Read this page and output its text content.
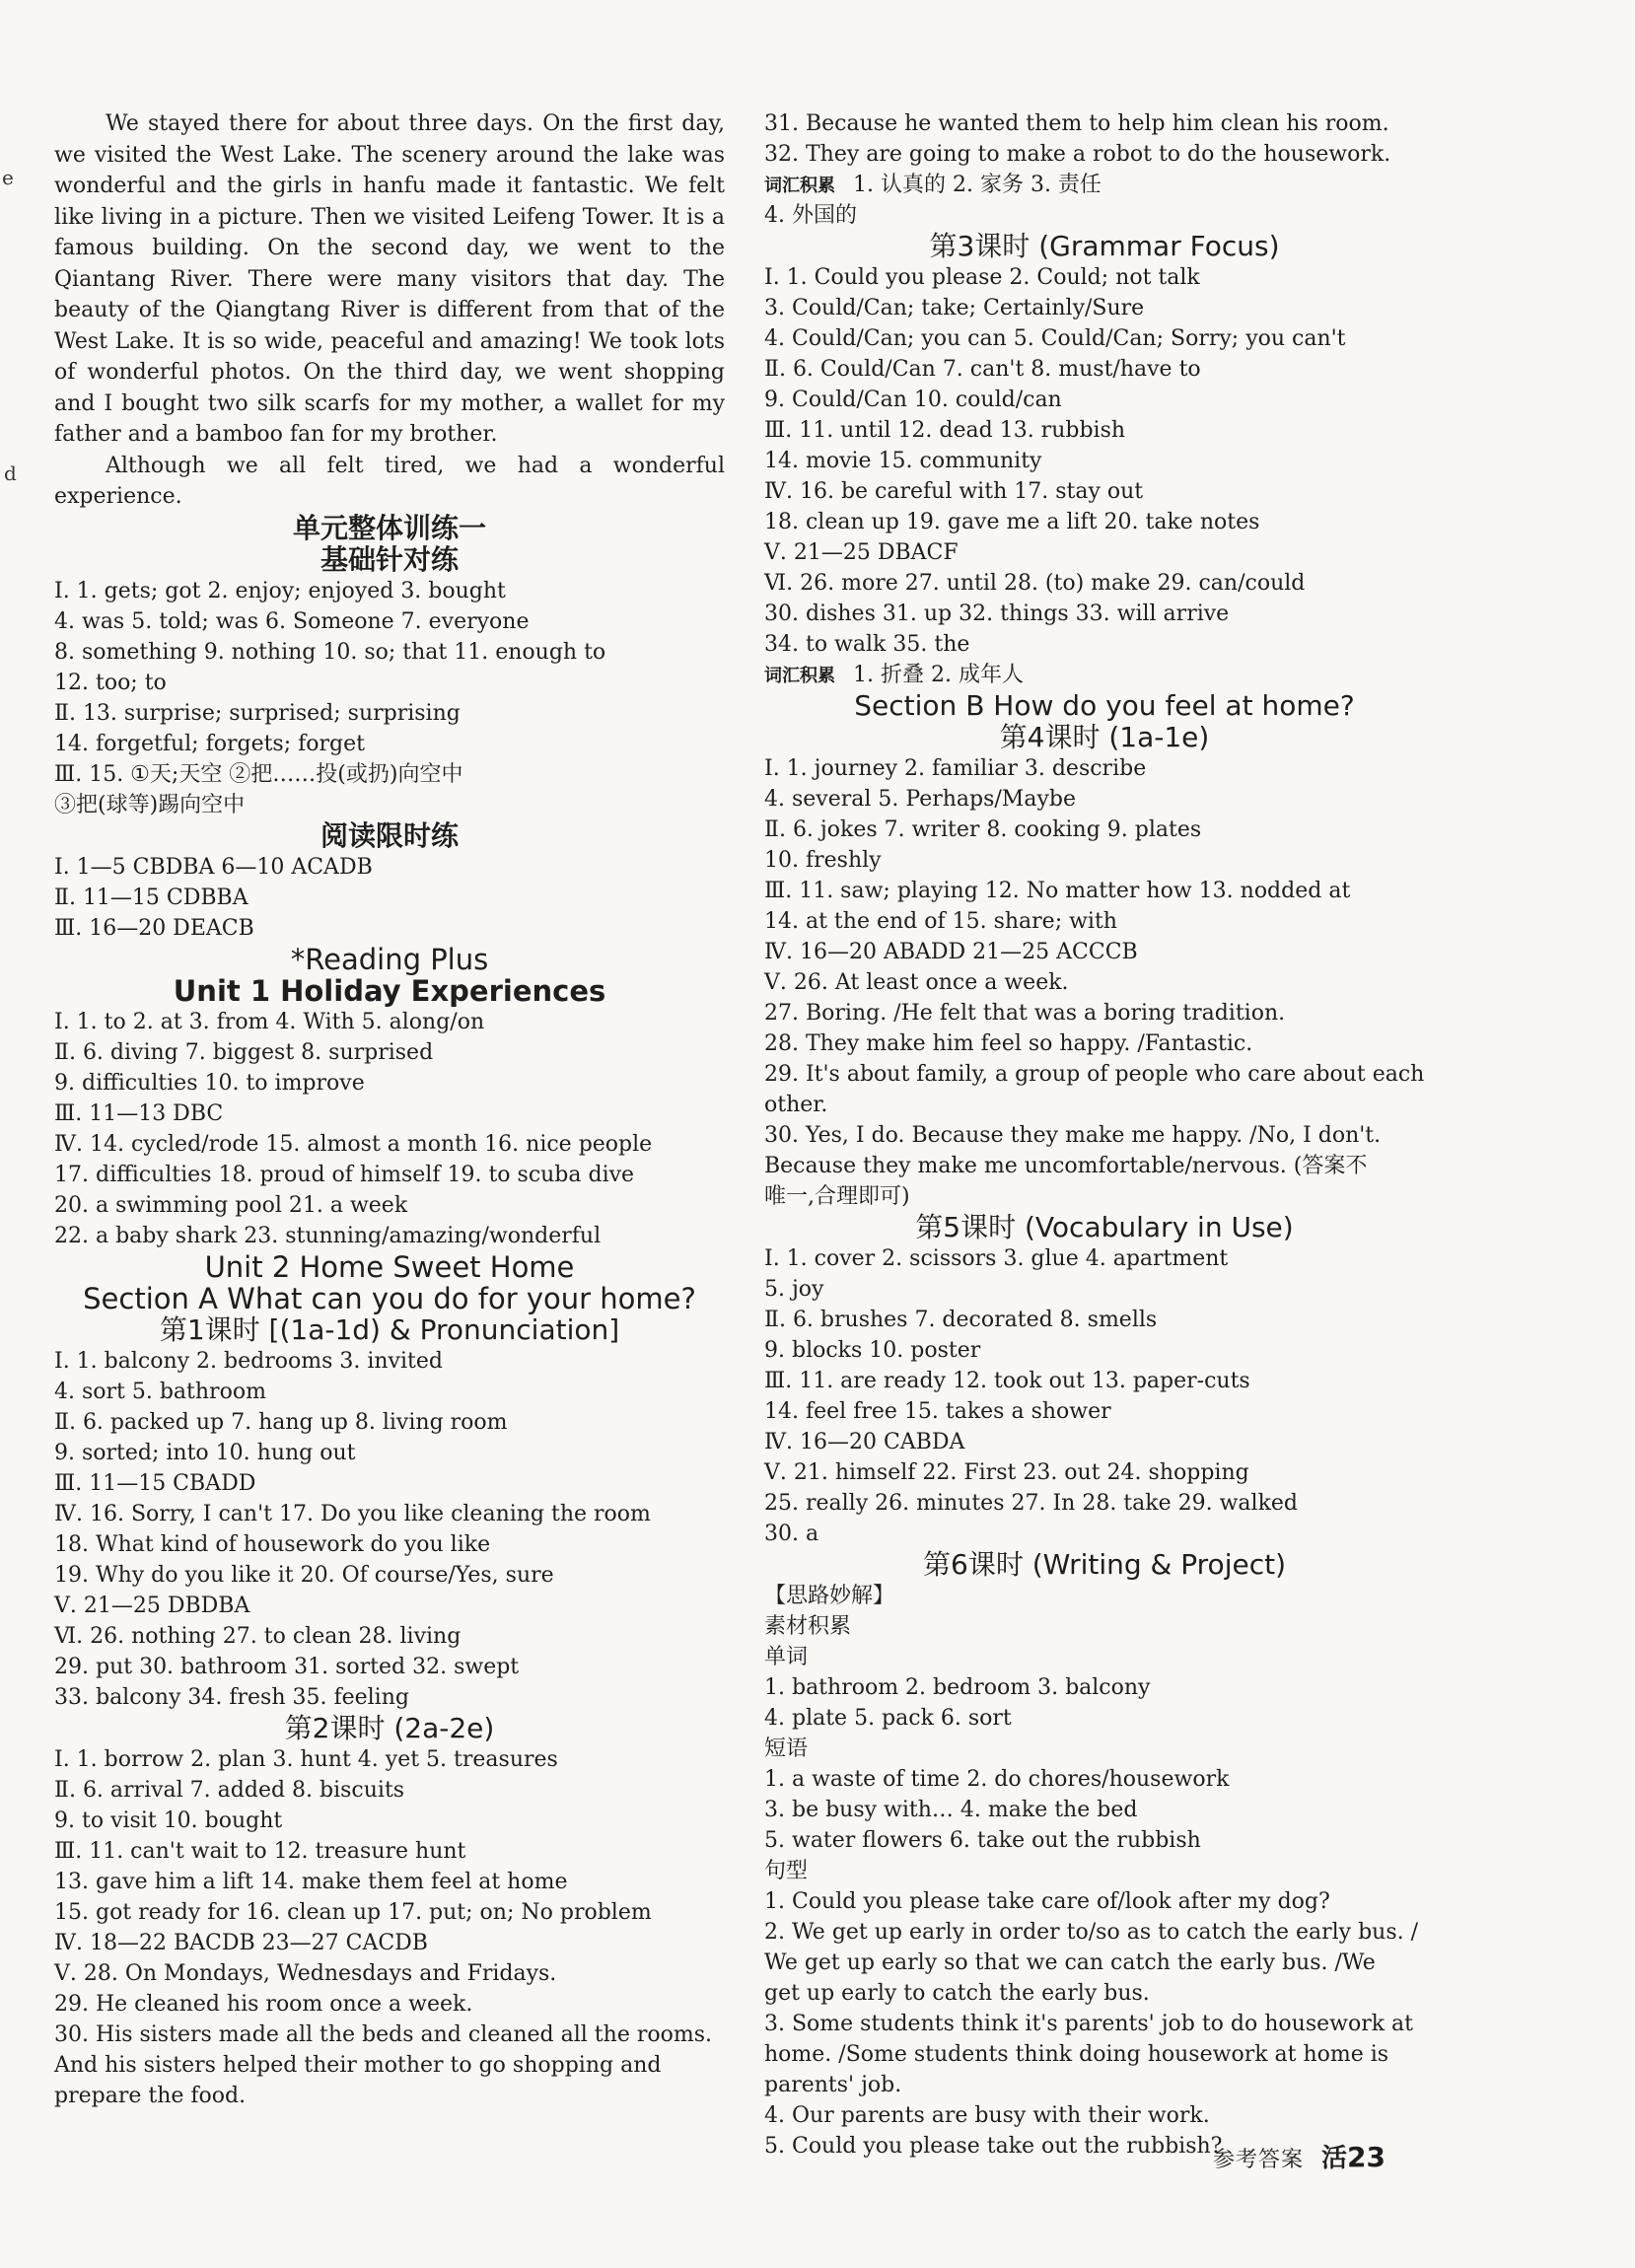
e
d

We stayed there for about three days. On the first day, we visited the West Lake. The scenery around the lake was wonderful and the girls in hanfu made it fantastic. We felt like living in a picture. Then we visited Leifeng Tower. It is a famous building. On the second day, we went to the Qiantang River. There were many visitors that day. The beauty of the Qiangtang River is different from that of the West Lake. It is so wide, peaceful and amazing! We took lots of wonderful photos. On the third day, we went shopping and I bought two silk scarfs for my mother, a wallet for my father and a bamboo fan for my brother.

Although we all felt tired, we had a wonderful experience.

单元整体训练一
基础针对练
Ⅰ. 1. gets; got 2. enjoy; enjoyed 3. bought
4. was 5. told; was 6. Someone 7. everyone
8. something 9. nothing 10. so; that 11. enough to
12. too; to
Ⅱ. 13. surprise; surprised; surprising
14. forgetful; forgets; forget
Ⅲ. 15. ①天;天空 ②把……投(或扔)向空中
③把(球等)踢向空中
阅读限时练
Ⅰ. 1—5 CBDBA 6—10 ACADB
Ⅱ. 11—15 CDBBA
Ⅲ. 16—20 DEACB
*Reading Plus
Unit 1 Holiday Experiences
Ⅰ. 1. to 2. at 3. from 4. With 5. along/on
Ⅱ. 6. diving 7. biggest 8. surprised
9. difficulties 10. to improve
Ⅲ. 11—13 DBC
Ⅳ. 14. cycled/rode 15. almost a month 16. nice people
17. difficulties 18. proud of himself 19. to scuba dive
20. a swimming pool 21. a week
22. a baby shark 23. stunning/amazing/wonderful
Unit 2 Home Sweet Home
Section A What can you do for your home?
第1课时 [(1a-1d) & Pronunciation]
Ⅰ. 1. balcony 2. bedrooms 3. invited
4. sort 5. bathroom
Ⅱ. 6. packed up 7. hang up 8. living room
9. sorted; into 10. hung out
Ⅲ. 11—15 CBADD
Ⅳ. 16. Sorry, I can't 17. Do you like cleaning the room
18. What kind of housework do you like
19. Why do you like it 20. Of course/Yes, sure
Ⅴ. 21—25 DBDBA
Ⅵ. 26. nothing 27. to clean 28. living
29. put 30. bathroom 31. sorted 32. swept
33. balcony 34. fresh 35. feeling
第2课时 (2a-2e)
Ⅰ. 1. borrow 2. plan 3. hunt 4. yet 5. treasures
Ⅱ. 6. arrival 7. added 8. biscuits
9. to visit 10. bought
Ⅲ. 11. can't wait to 12. treasure hunt
13. gave him a lift 14. make them feel at home
15. got ready for 16. clean up 17. put; on; No problem
Ⅳ. 18—22 BACDB 23—27 CACDB
Ⅴ. 28. On Mondays, Wednesdays and Fridays.
29. He cleaned his room once a week.
30. His sisters made all the beds and cleaned all the rooms.
And his sisters helped their mother to go shopping and
prepare the food.
31. Because he wanted them to help him clean his room.
32. They are going to make a robot to do the housework.
词汇积累 1. 认真的 2. 家务 3. 责任
4. 外国的
第3课时 (Grammar Focus)
Ⅰ. 1. Could you please 2. Could; not talk
3. Could/Can; take; Certainly/Sure
4. Could/Can; you can 5. Could/Can; Sorry; you can't
Ⅱ. 6. Could/Can 7. can't 8. must/have to
9. Could/Can 10. could/can
Ⅲ. 11. until 12. dead 13. rubbish
14. movie 15. community
Ⅳ. 16. be careful with 17. stay out
18. clean up 19. gave me a lift 20. take notes
Ⅴ. 21—25 DBACF
Ⅵ. 26. more 27. until 28. (to) make 29. can/could
30. dishes 31. up 32. things 33. will arrive
34. to walk 35. the
词汇积累 1. 折叠 2. 成年人
Section B How do you feel at home?
第4课时 (1a-1e)
Ⅰ. 1. journey 2. familiar 3. describe
4. several 5. Perhaps/Maybe
Ⅱ. 6. jokes 7. writer 8. cooking 9. plates
10. freshly
Ⅲ. 11. saw; playing 12. No matter how 13. nodded at
14. at the end of 15. share; with
Ⅳ. 16—20 ABADD 21—25 ACCCB
Ⅴ. 26. At least once a week.
27. Boring. /He felt that was a boring tradition.
28. They make him feel so happy. /Fantastic.
29. It's about family, a group of people who care about each
other.
30. Yes, I do. Because they make me happy. /No, I don't.
Because they make me uncomfortable/nervous. (答案不
唯一,合理即可)
第5课时 (Vocabulary in Use)
Ⅰ. 1. cover 2. scissors 3. glue 4. apartment
5. joy
Ⅱ. 6. brushes 7. decorated 8. smells
9. blocks 10. poster
Ⅲ. 11. are ready 12. took out 13. paper-cuts
14. feel free 15. takes a shower
Ⅳ. 16—20 CABDA
Ⅴ. 21. himself 22. First 23. out 24. shopping
25. really 26. minutes 27. In 28. take 29. walked
30. a
第6课时 (Writing & Project)
【思路妙解】
素材积累
单词
1. bathroom 2. bedroom 3. balcony
4. plate 5. pack 6. sort
短语
1. a waste of time 2. do chores/housework
3. be busy with… 4. make the bed
5. water flowers 6. take out the rubbish
句型
1. Could you please take care of/look after my dog?
2. We get up early in order to/so as to catch the early bus. /
We get up early so that we can catch the early bus. /We
get up early to catch the early bus.
3. Some students think it's parents' job to do housework at
home. /Some students think doing housework at home is
parents' job.
4. Our parents are busy with their work.
5. Could you please take out the rubbish?
参考答案 活23
